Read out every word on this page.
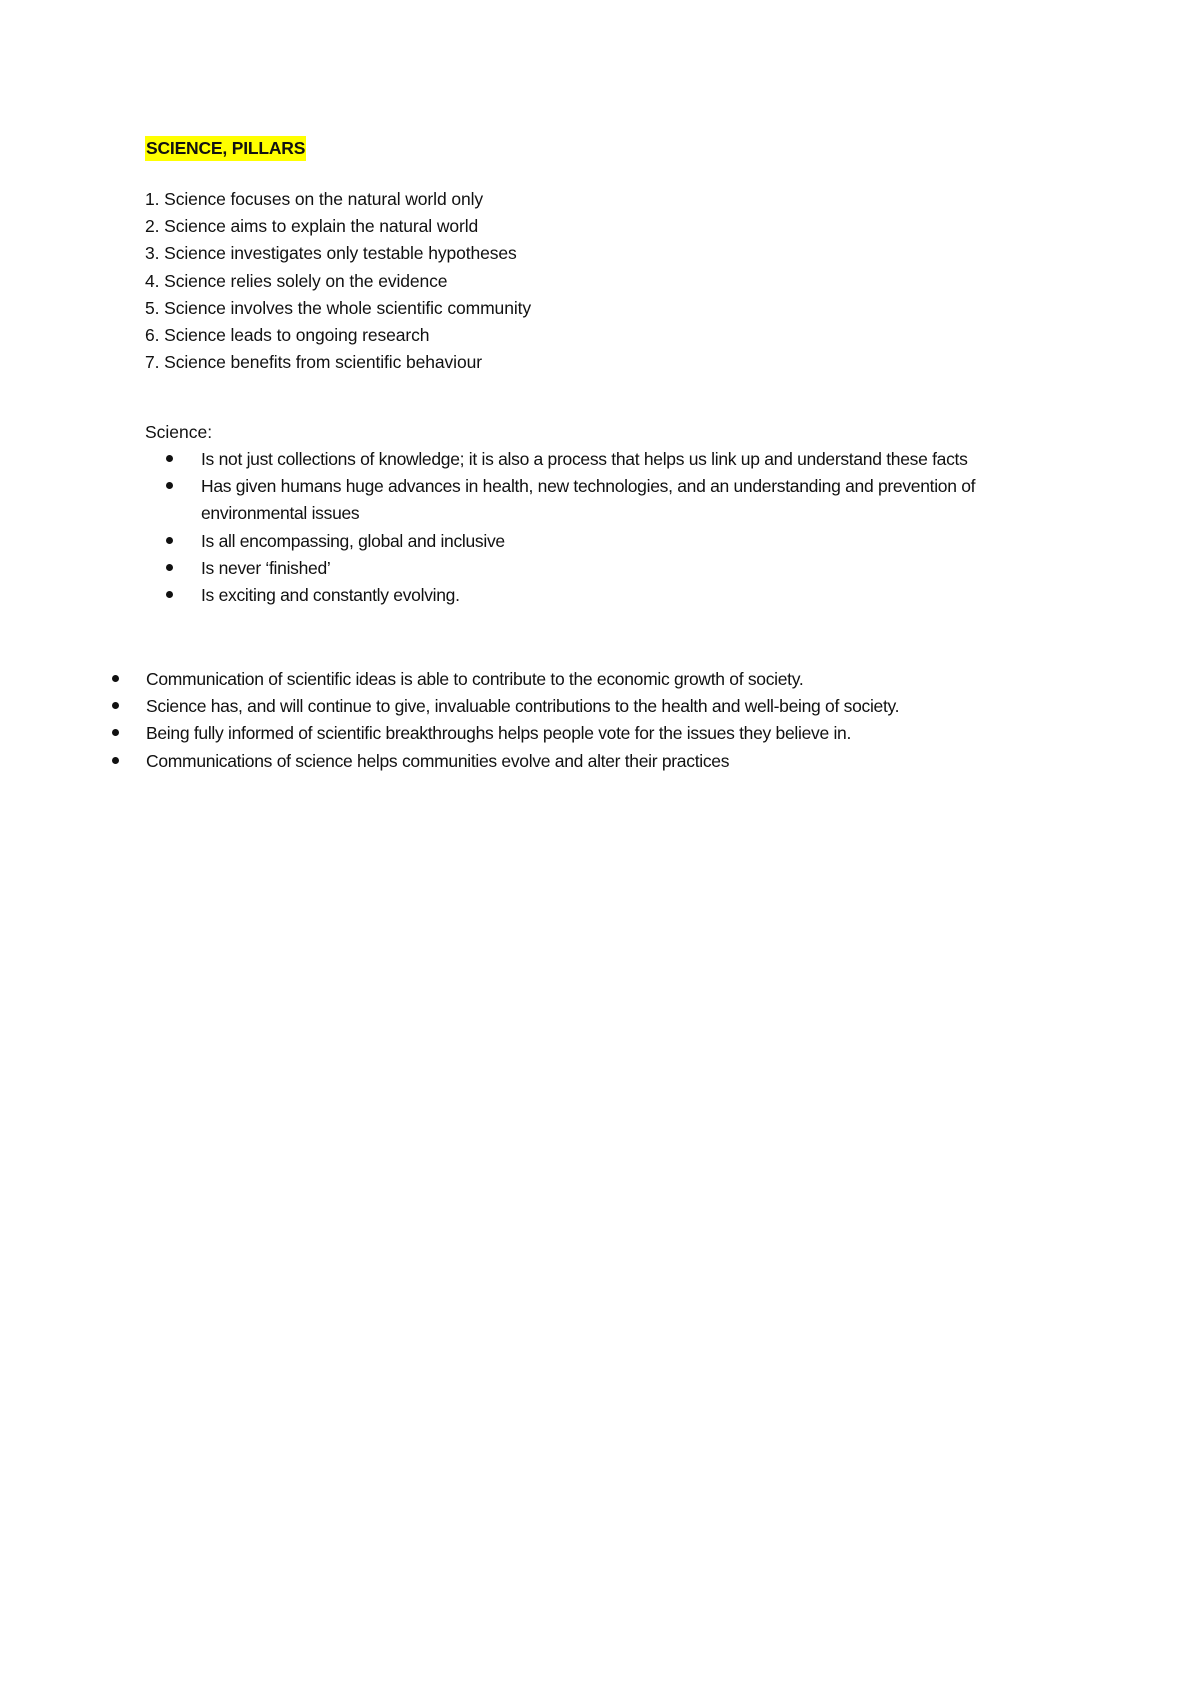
SCIENCE, PILLARS
1. Science focuses on the natural world only
2. Science aims to explain the natural world
3. Science investigates only testable hypotheses
4. Science relies solely on the evidence
5. Science involves the whole scientific community
6. Science leads to ongoing research
7. Science benefits from scientific behaviour
Science:
Is not just collections of knowledge; it is also a process that helps us link up and understand these facts
Has given humans huge advances in health, new technologies, and an understanding and prevention of environmental issues
Is all encompassing, global and inclusive
Is never ‘finished’
Is exciting and constantly evolving.
Communication of scientific ideas is able to contribute to the economic growth of society.
Science has, and will continue to give, invaluable contributions to the health and well-being of society.
Being fully informed of scientific breakthroughs helps people vote for the issues they believe in.
Communications of science helps communities evolve and alter their practices
